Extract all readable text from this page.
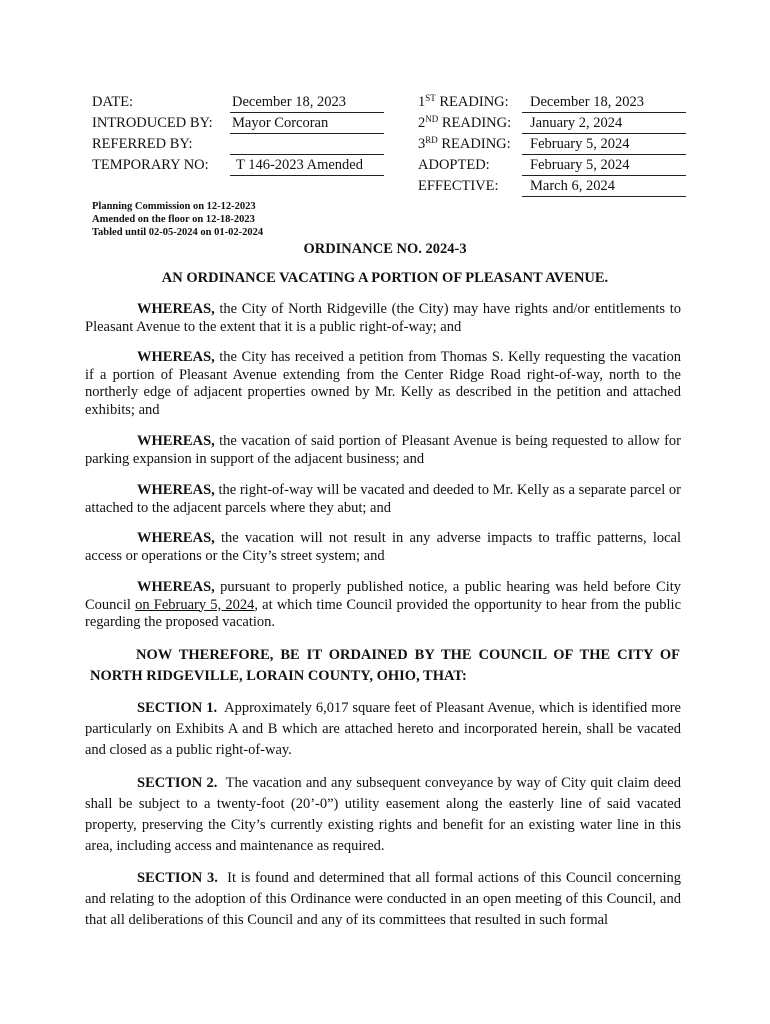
DATE:	December 18, 2023
INTRODUCED BY:	Mayor Corcoran
REFERRED BY:
TEMPORARY NO:	T 146-2023 Amended
1ST READING:	December 18, 2023
2ND READING:	January 2, 2024
3RD READING:	February 5, 2024
ADOPTED:	February 5, 2024
EFFECTIVE:	March 6, 2024
Planning Commission on 12-12-2023
Amended on the floor on 12-18-2023
Tabled until 02-05-2024 on 01-02-2024
ORDINANCE NO. 2024-3
AN ORDINANCE VACATING A PORTION OF PLEASANT AVENUE.

WHEREAS, the City of North Ridgeville (the City) may have rights and/or entitlements to Pleasant Avenue to the extent that it is a public right-of-way; and

WHEREAS, the City has received a petition from Thomas S. Kelly requesting the vacation if a portion of Pleasant Avenue extending from the Center Ridge Road right-of-way, north to the northerly edge of adjacent properties owned by Mr. Kelly as described in the petition and attached exhibits; and

WHEREAS, the vacation of said portion of Pleasant Avenue is being requested to allow for parking expansion in support of the adjacent business; and

WHEREAS, the right-of-way will be vacated and deeded to Mr. Kelly as a separate parcel or attached to the adjacent parcels where they abut; and

WHEREAS, the vacation will not result in any adverse impacts to traffic patterns, local access or operations or the City’s street system; and

WHEREAS, pursuant to properly published notice, a public hearing was held before City Council on February 5, 2024, at which time Council provided the opportunity to hear from the public regarding the proposed vacation.

NOW THEREFORE, BE IT ORDAINED BY THE COUNCIL OF THE CITY OF NORTH RIDGEVILLE, LORAIN COUNTY, OHIO, THAT:

SECTION 1. Approximately 6,017 square feet of Pleasant Avenue, which is identified more particularly on Exhibits A and B which are attached hereto and incorporated herein, shall be vacated and closed as a public right-of-way.

SECTION 2. The vacation and any subsequent conveyance by way of City quit claim deed shall be subject to a twenty-foot (20’-0”) utility easement along the easterly line of said vacated property, preserving the City’s currently existing rights and benefit for an existing water line in this area, including access and maintenance as required.

SECTION 3. It is found and determined that all formal actions of this Council concerning and relating to the adoption of this Ordinance were conducted in an open meeting of this Council, and that all deliberations of this Council and any of its committees that resulted in such formal
